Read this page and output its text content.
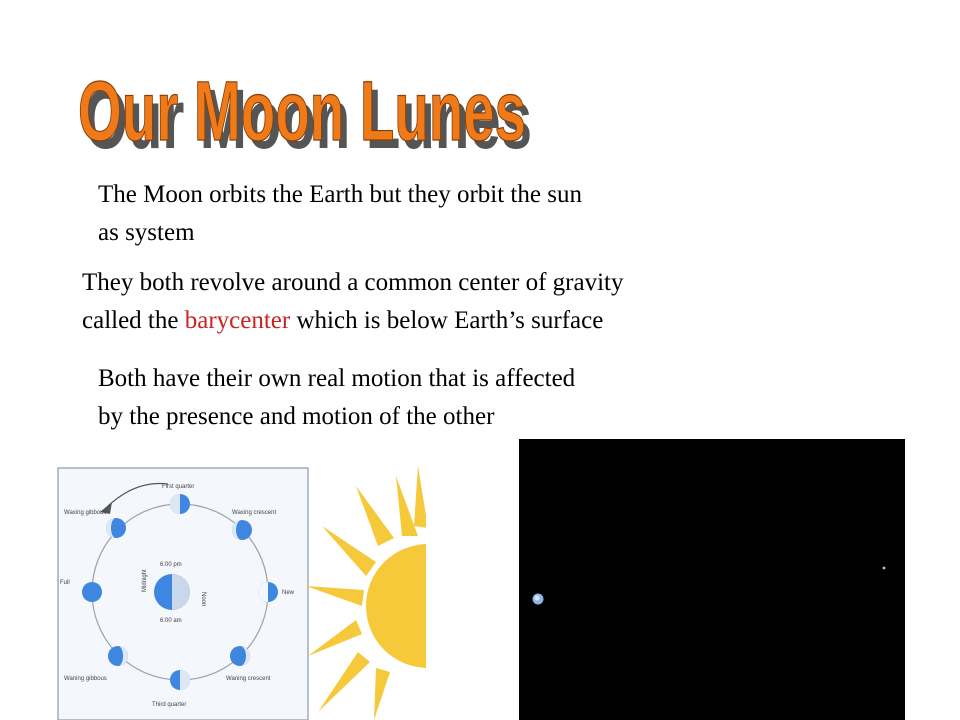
Our Moon Lunes
Our Moon Lunes
The Moon orbits the Earth but they orbit the sun
as system
They both revolve around a common center of gravity
called the barycenter which is below Earth’s surface
Both have their own real motion that is affected
by the presence and motion of the other
Midnight
Noon
6:00 pm
6:00 am
First quarter
Waxing gibbous	Waxing crescent
New
Waning crescent
Third quarter
Waning gibbous
Full
